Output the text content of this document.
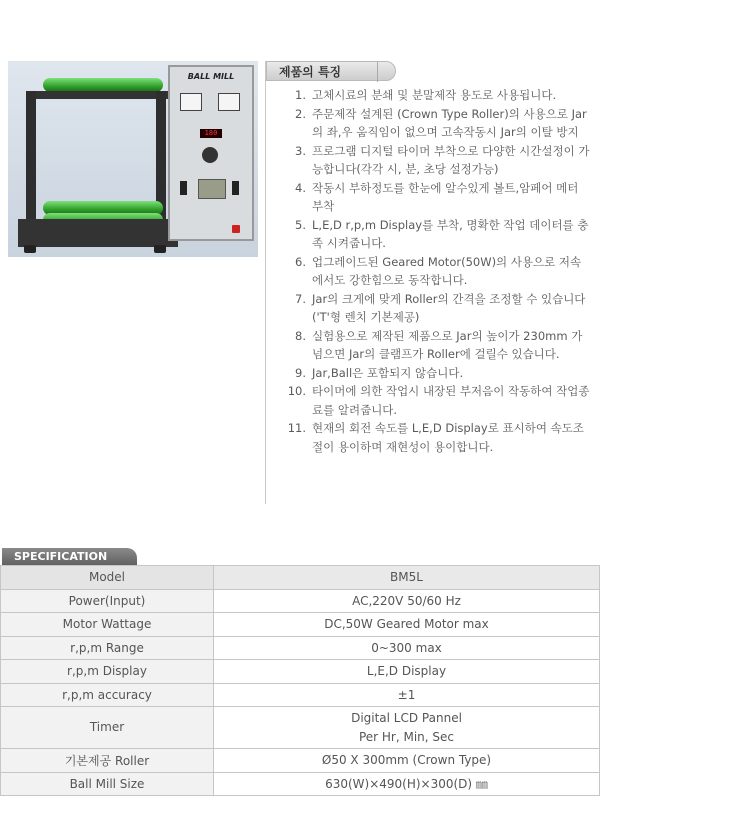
BALL MILL
180
제품의 특징
1. 고체시료의 분쇄 및 분말제작 용도로 사용됩니다.
2. 주문제작 설계된 (Crown Type Roller)의 사용으로 Jar의 좌,우 움직임이 없으며 고속작동시 Jar의 이탈 방지
3. 프로그램 디지털 타이머 부착으로 다양한 시간설정이 가능합니다(각각 시, 분, 초당 설정가능)
4. 작동시 부하정도를 한눈에 알수있게 볼트,암페어 메터 부착
5. L,E,D r,p,m Display를 부착, 명확한 작업 데이터를 충족 시켜줍니다.
6. 업그레이드된 Geared Motor(50W)의 사용으로 저속에서도 강한힘으로 동작합니다.
7. Jar의 크게에 맞게 Roller의 간격을 조정할 수 있습니다('T'형 렌치 기본제공)
8. 실험용으로 제작된 제품으로 Jar의 높이가 230mm 가 넘으면 Jar의 클램프가 Roller에 걸릴수 있습니다.
9. Jar,Ball은 포함되지 않습니다.
10. 타이머에 의한 작업시 내장된 부저음이 작동하여 작업종료를 알려줍니다.
11. 현재의 회전 속도를 L,E,D Display로 표시하여 속도조절이 용이하며 재현성이 용이합니다.
SPECIFICATION
Model	BM5L
Power(Input)	AC,220V 50/60 Hz
Motor Wattage	DC,50W Geared Motor max
r,p,m Range	0~300 max
r,p,m Display	L,E,D Display
r,p,m accuracy	±1
Timer	Digital LCD Pannel
Per Hr, Min, Sec

기본제공 Roller	Ø50 X 300mm (Crown Type)
Ball Mill Size	630(W)×490(H)×300(D) ㎜
